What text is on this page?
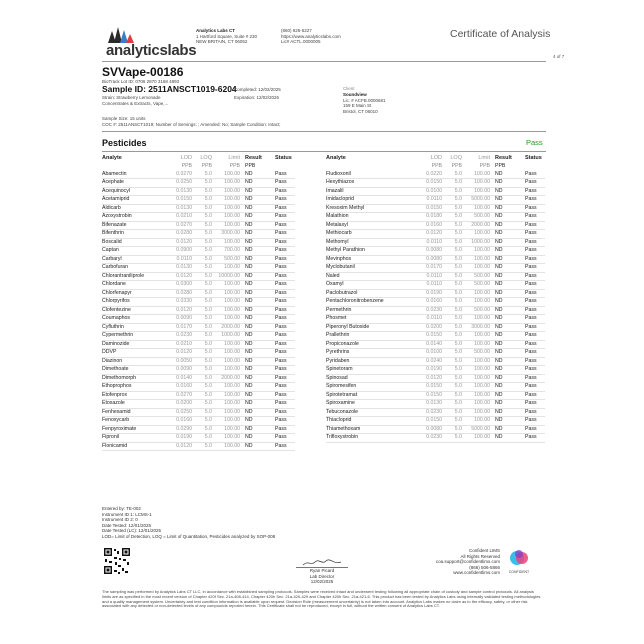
analyticslabs
Analytics Labs CT
1 Hartford Square, Suite # 230
NEW BRITAIN, CT 06052
(860) 925-5227
https://www.analyticslabs.com
Lic# ACTL.0000005
Certificate of Analysis
4 of 7
SVVape-00186
BioTrack Lot ID: 0706 2870 3168 4893
Sample ID: 2511ANSCT1019-6204
Strain: Strawberry Lemonade
Concentrates & Extracts, Vape,...
Completed: 12/02/2025
Expiration: 12/02/2026
Client
Soundview
Lic. # ACFB.0000681
159 E Main St
Bristol, CT 06010
Sample Size: 15 units
COC #: 2511ANSCT1019; Number of Servings: ; Amended: No; Sample Condition: Intact;
Pesticides	Pass
Analyte	LOD	LOQ	Limit	Result	Status
	PPB	PPB	PPB	PPB	
Abamectin	0.0270	5.0	100.00	ND	Pass
Acephate	0.0250	5.0	100.00	ND	Pass
Acequinocyl	0.0130	5.0	100.00	ND	Pass
Acetamiprid	0.0150	5.0	100.00	ND	Pass
Aldicarb	0.0130	5.0	100.00	ND	Pass
Azoxystrobin	0.0210	5.0	100.00	ND	Pass
Bifenazate	0.0270	5.0	100.00	ND	Pass
Bifenthrin	0.0280	5.0	3000.00	ND	Pass
Boscalid	0.0120	5.0	100.00	ND	Pass
Captan	0.0900	5.0	700.00	ND	Pass
Carbaryl	0.0110	5.0	500.00	ND	Pass
Carbofuran	0.0130	5.0	100.00	ND	Pass
Chlorantraniliprole	0.0120	5.0	10000.00	ND	Pass
Chlordane	0.0300	5.0	100.00	ND	Pass
Chlorfenapyr	0.0280	5.0	100.00	ND	Pass
Chlorpyrifos	0.0330	5.0	100.00	ND	Pass
Clofentezine	0.0120	5.0	100.00	ND	Pass
Coumaphos	0.0090	5.0	100.00	ND	Pass
Cyfluthrin	0.0170	5.0	2000.00	ND	Pass
Cypermethrin	0.0230	5.0	1000.00	ND	Pass
Daminozide	0.0210	5.0	100.00	ND	Pass
DDVP	0.0120	5.0	100.00	ND	Pass
Diazinon	0.0050	5.0	100.00	ND	Pass
Dimethoate	0.0090	5.0	100.00	ND	Pass
Dimethomorph	0.0140	5.0	2000.00	ND	Pass
Ethoprophos	0.0160	5.0	100.00	ND	Pass
Etofenprox	0.0270	5.0	100.00	ND	Pass
Etoxazole	0.0200	5.0	100.00	ND	Pass
Fenhexamid	0.0250	5.0	100.00	ND	Pass
Fenoxycarb	0.0160	5.0	100.00	ND	Pass
Fenpyroximate	0.0290	5.0	100.00	ND	Pass
Fipronil	0.0190	5.0	100.00	ND	Pass
Flonicamid	0.0120	5.0	100.00	ND	Pass
Analyte	LOD	LOQ	Limit	Result	Status
	PPB	PPB	PPB	PPB	
Fludioxonil	0.0220	5.0	100.00	ND	Pass
Hexythiazox	0.0150	5.0	100.00	ND	Pass
Imazalil	0.0100	5.0	100.00	ND	Pass
Imidacloprid	0.0110	5.0	5000.00	ND	Pass
Kresoxim Methyl	0.0150	5.0	100.00	ND	Pass
Malathion	0.0180	5.0	500.00	ND	Pass
Metalaxyl	0.0160	5.0	2000.00	ND	Pass
Methiocarb	0.0120	5.0	100.00	ND	Pass
Methomyl	0.0110	5.0	1000.00	ND	Pass
Methyl Parathion	0.0080	5.0	100.00	ND	Pass
Mevinphos	0.0080	5.0	100.00	ND	Pass
Myclobutanil	0.0170	5.0	100.00	ND	Pass
Naled	0.0110	5.0	500.00	ND	Pass
Oxamyl	0.0110	5.0	500.00	ND	Pass
Paclobutrazol	0.0190	5.0	100.00	ND	Pass
Pentachloronitrobenzene	0.0160	5.0	100.00	ND	Pass
Permethrin	0.0230	5.0	500.00	ND	Pass
Phosmet	0.0110	5.0	100.00	ND	Pass
Piperonyl Butoxide	0.0200	5.0	3000.00	ND	Pass
Prallethrin	0.0150	5.0	100.00	ND	Pass
Propiconazole	0.0140	5.0	100.00	ND	Pass
Pyrethrins	0.0100	5.0	500.00	ND	Pass
Pyridaben	0.0240	5.0	100.00	ND	Pass
Spinetoram	0.0190	5.0	100.00	ND	Pass
Spinosad	0.0120	5.0	100.00	ND	Pass
Spiromesifen	0.0150	5.0	100.00	ND	Pass
Spirotetramat	0.0150	5.0	100.00	ND	Pass
Spiroxamine	0.0130	5.0	100.00	ND	Pass
Tebuconazole	0.0230	5.0	100.00	ND	Pass
Thiacloprid	0.0150	5.0	100.00	ND	Pass
Thiamethoxam	0.0080	5.0	5000.00	ND	Pass
Trifloxystrobin	0.0230	5.0	100.00	ND	Pass
Entered by: TE-002
Instrument ID 1: LCMS-1
Instrument ID 2: 0
Date Tested: 12/01/2025
Date Tested (LC): 12/01/2025
LOD= Limit of Detection, LOQ = Limit of Quantitation, Pesticides analyzed by SOP-008
Ryan Picard
Lab Director
12/02/2025
Confident LIMS
All Rights Reserved
coa.support@confidentlims.com
(866) 506-5866
www.confidentlims.com	CONFIDENT
The sampling was performed by Analytics Labs CT LLC, in accordance with established sampling protocols. Samples were received intact and underwent testing following all appropriate chain of custody and sample control protocols. All analysis limits are as specified in the most recent version of Chapter 420f Sec. 21a-408-414, Chapter 420h Sec. 21a-420-429 and Chapter 420h Sec. 21a-421-6. This product has been tested by Analytics Labs using internally validated testing methodologies and a quality management system. Uncertainty and test condition information is available upon request. Decision Rule (measurement uncertainty) is not taken into account. Analytics Labs makes no claim as to the efficacy, safety, or other risk associated with any detected or non-detected levels of any compounds reported herein. This Certificate shall not be reproduced, except in full, without the written consent of Analytics Labs CT.
